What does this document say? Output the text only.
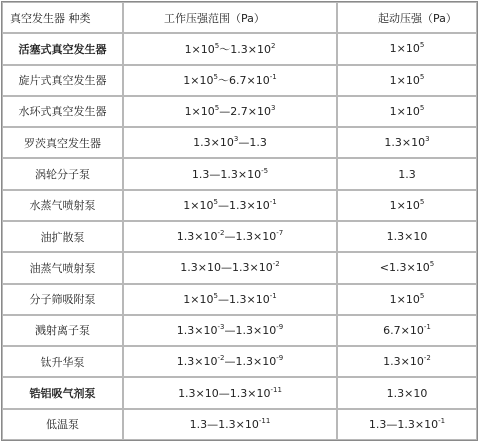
真空发生器 种类	工作压强范围（Pa）	起动压强（Pa）
活塞式真空发生器	$1\times 10^5\sim 1.3\times 10^2$	$1\times 10^5$
旋片式真空发生器	$1\times 10^5\sim 6.7\times 10^{-1}$	$1\times 10^5$
水环式真空发生器	$1\times 10^5—2.7\times 10^3$	$1\times 10^5$
罗茨真空发生器	$1.3\times 10^3—1.3$	$1.3\times 10^3$
涡轮分子泵	$1.3—1.3\times 10^{-5}$	1.3
水蒸气喷射泵	$1\times 10^5—1.3\times 10^{-1}$	$1\times 10^5$
油扩散泵	$1.3\times 10^{-2}—1.3\times 10^{-7}$	1.3×10
油蒸气喷射泵	$1.3\times 10—1.3\times 10^{-2}$	$<1.3\times 10^5$
分子筛吸附泵	$1\times 10^5—1.3\times 10^{-1}$	$1\times 10^5$
溅射离子泵	$1.3\times 10^{-3}—1.3\times 10^{-9}$	$6.7\times 10^{-1}$
钛升华泵	$1.3\times 10^{-2}—1.3\times 10^{-9}$	$1.3\times 10^{-2}$
锆铝吸气剂泵	$1.3\times 10—1.3\times 10^{-11}$	1.3×10
低温泵	$1.3—1.3\times 10^{-11}$	$1.3—1.3\times 10^{-1}$
